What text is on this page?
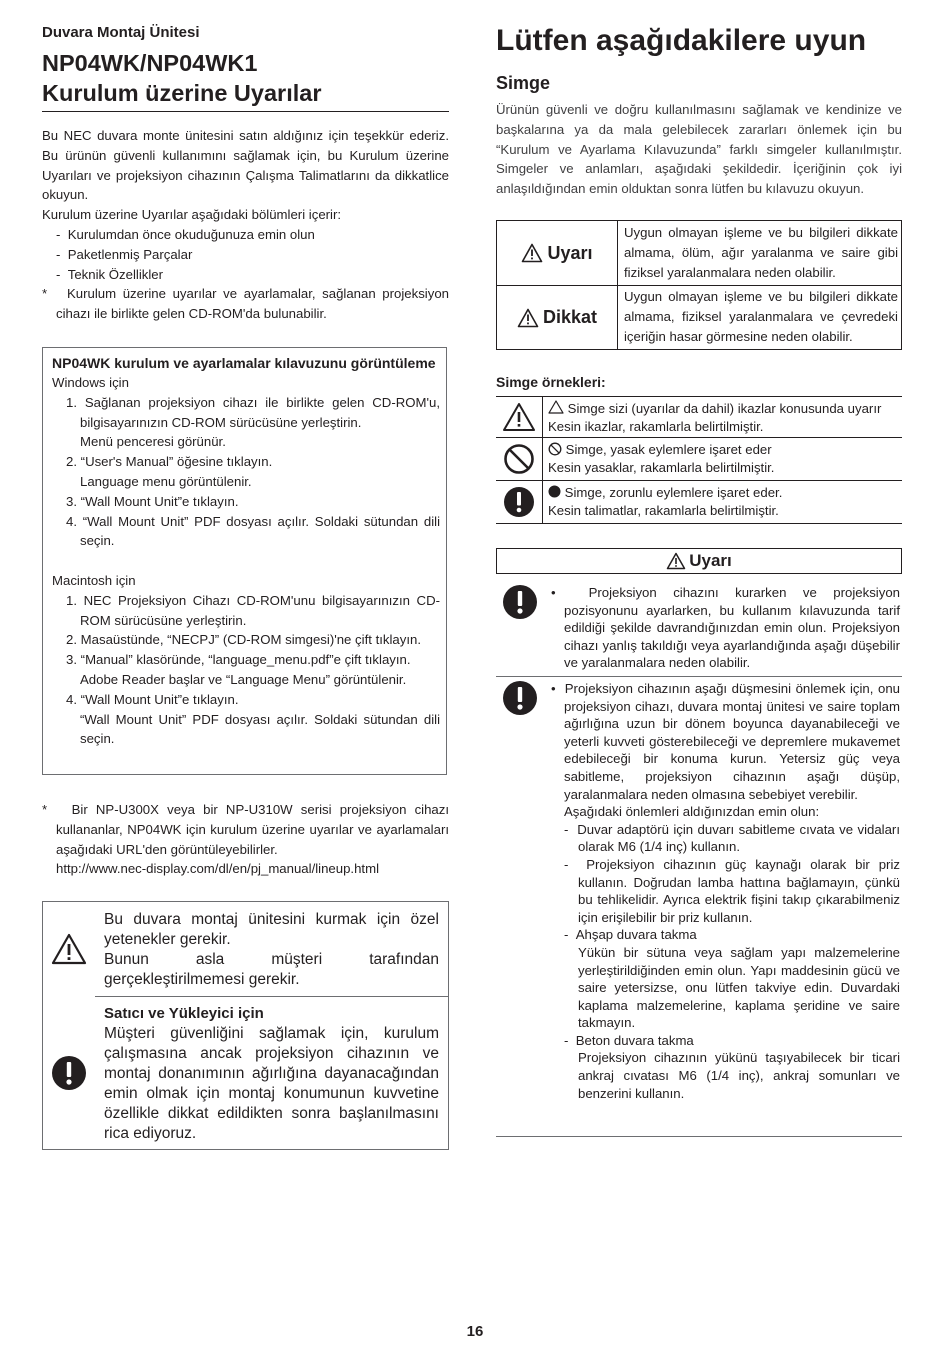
Duvara Montaj Ünitesi
NP04WK/NP04WK1
Kurulum üzerine Uyarılar

Bu NEC duvara monte ünitesini satın aldığınız için teşekkür ederiz. Bu ürünün güvenli kullanımını sağlamak için, bu Kurulum üzerine Uyarıları ve projeksiyon cihazının Çalışma Talimatlarını da dikkatlice okuyun.

Kurulum üzerine Uyarılar aşağıdaki bölümleri içerir:

-  Kurulumdan önce okuduğunuza emin olun

-  Paketlenmiş Parçalar

-  Teknik Özellikler

*   Kurulum üzerine uyarılar ve ayarlamalar, sağlanan projeksiyon cihazı ile birlikte gelen CD-ROM'da bulunabilir.

NP04WK kurulum ve ayarlamalar kılavuzunu görüntüleme

Windows için

1. Sağlanan projeksiyon cihazı ile birlikte gelen CD-ROM'u, bilgisayarınızın CD-ROM sürücüsüne yerleştirin.

Menü penceresi görünür.

2. “User's Manual” öğesine tıklayın.

Language menu görüntülenir.

3. “Wall Mount Unit”e tıklayın.

4. “Wall Mount Unit” PDF dosyası açılır. Soldaki sütundan dili seçin.

Macintosh için

1. NEC Projeksiyon Cihazı CD-ROM'unu bilgisayarınızın CD-ROM sürücüsüne yerleştirin.

2. Masaüstünde, “NECPJ” (CD-ROM simgesi)'ne çift tıklayın.

3. “Manual” klasöründe, “language_menu.pdf”e çift tıklayın.

Adobe Reader başlar ve “Language Menu” görüntülenir.

4. “Wall Mount Unit”e tıklayın.

“Wall Mount Unit” PDF dosyası açılır. Soldaki sütundan dili seçin.

*   Bir NP-U300X veya bir NP-U310W serisi projeksiyon cihazı kullananlar, NP04WK için kurulum üzerine uyarılar ve ayarlamaları aşağıdaki URL'den görüntüleyebilirler.

http://www.nec-display.com/dl/en/pj_manual/lineup.html

Bu duvara montaj ünitesini kurmak için özel yetenekler gerekir.

Bunun asla müşteri tarafından gerçekleştirilmemesi gerekir.

Satıcı ve Yükleyici için

Müşteri güvenliğini sağlamak için, kurulum çalışmasına ancak projeksiyon cihazının ve montaj donanımının ağırlığına dayanacağından emin olmak için montaj konumunun kuvvetine özellikle dikkat edildikten sonra başlanılmasını rica ediyoruz.

Lütfen aşağıdakilere uyun
Simge
Ürünün güvenli ve doğru kullanılmasını sağlamak ve kendinize ve başkalarına ya da mala gelebilecek zararları önlemek için bu “Kurulum ve Ayarlama Kılavuzunda” farklı simgeler kullanılmıştır. Simgeler ve anlamları, aşağıdaki şekildedir. İçeriğinin çok iyi anlaşıldığından emin olduktan sonra lütfen bu kılavuzu okuyun.
Uyarı
Uygun olmayan işleme ve bu bilgileri dikkate almama, ölüm, ağır yaralanma ve saire gibi fiziksel yaralanmalara neden olabilir.
Dikkat
Uygun olmayan işleme ve bu bilgileri dikkate almama, fiziksel yaralanmalara ve çevredeki içeriğin hasar görmesine neden olabilir.
Simge örnekleri:

Simge sizi (uyarılar da dahil) ikazlar konusunda uyarır

Kesin ikazlar, rakamlarla belirtilmiştir.

Simge, yasak eylemlere işaret eder

Kesin yasaklar, rakamlarla belirtilmiştir.

Simge, zorunlu eylemlere işaret eder.

Kesin talimatlar, rakamlarla belirtilmiştir.

Uyarı

•  Projeksiyon cihazını kurarken ve projeksiyon pozisyonunu ayarlarken, bu kullanım kılavuzunda tarif edildiği şekilde davrandığınızdan emin olun. Projeksiyon cihazı yanlış takıldığı veya ayarlandığında aşağı düşebilir ve yaralanmalara neden olabilir.

•  Projeksiyon cihazının aşağı düşmesini önlemek için, onu projeksiyon cihazı, duvara montaj ünitesi ve saire toplam ağırlığına uzun bir dönem boyunca dayanabileceği ve yeterli kuvveti gösterebileceği ve depremlere mukavemet edebileceği bir konuma kurun. Yetersiz güç veya sabitleme, projeksiyon cihazının aşağı düşüp, yaralanmalara neden olmasına sebebiyet verebilir.

Aşağıdaki önlemleri aldığınızdan emin olun:

-  Duvar adaptörü için duvarı sabitleme cıvata ve vidaları olarak M6 (1/4 inç) kullanın.

-  Projeksiyon cihazının güç kaynağı olarak bir priz kullanın. Doğrudan lamba hattına bağlamayın, çünkü bu tehlikelidir. Ayrıca elektrik fişini takıp çıkarabilmeniz için erişilebilir bir priz kullanın.

-  Ahşap duvara takma

Yükün bir sütuna veya sağlam yapı malzemelerine yerleştirildiğinden emin olun. Yapı maddesinin gücü ve saire yetersizse, onu lütfen takviye edin. Duvardaki kaplama malzemelerine, kaplama şeridine ve saire takmayın.

-  Beton duvara takma

Projeksiyon cihazının yükünü taşıyabilecek bir ticari ankraj cıvatası M6 (1/4 inç), ankraj somunları ve benzerini kullanın.

16
